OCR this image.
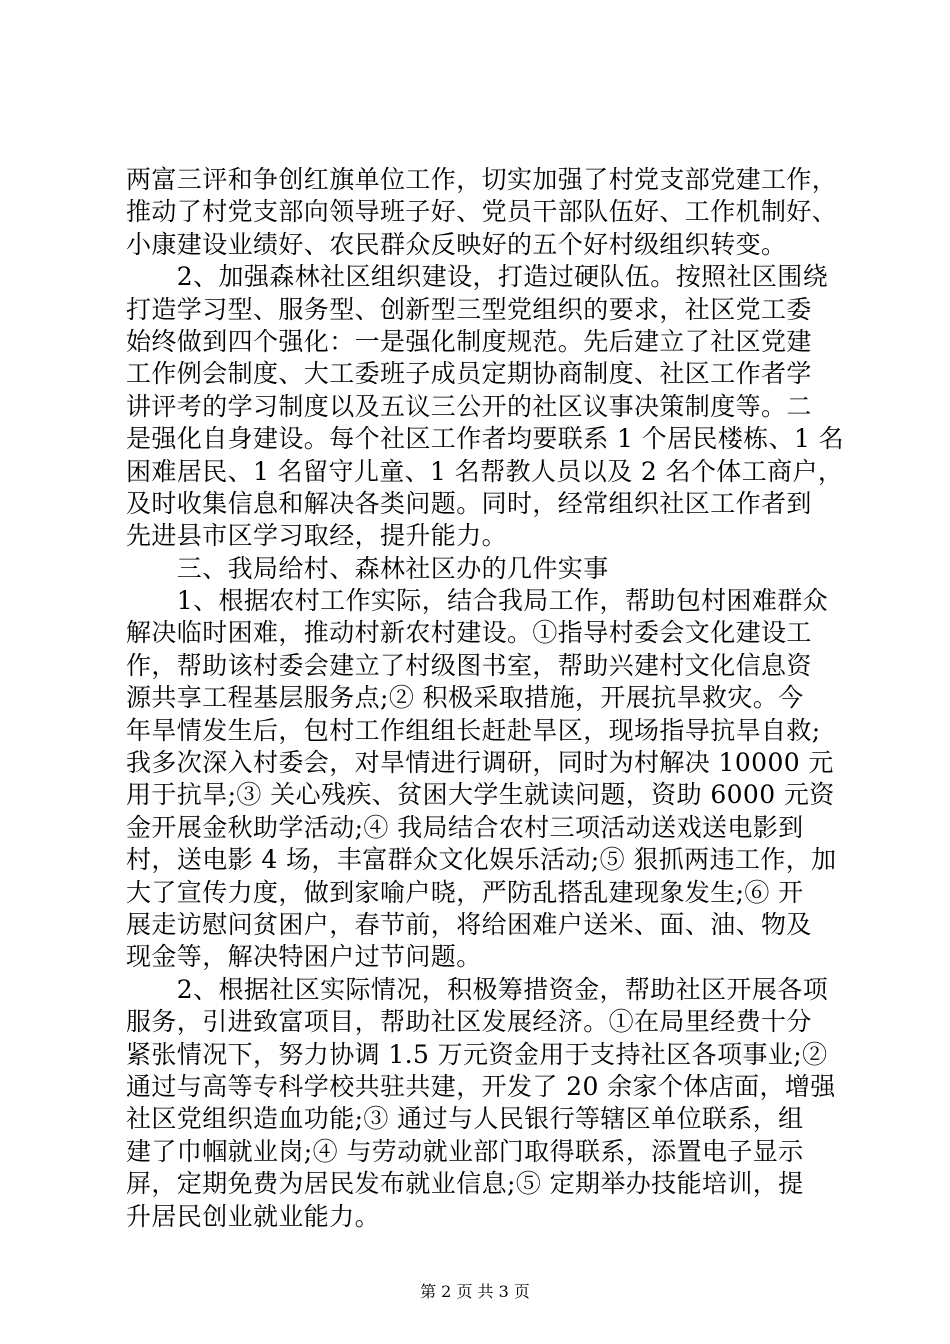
两富三评和争创红旗单位工作，切实加强了村党支部党建工作，
推动了村党支部向领导班子好、党员干部队伍好、工作机制好、
小康建设业绩好、农民群众反映好的五个好村级组织转变。
　　2、加强森林社区组织建设，打造过硬队伍。按照社区围绕
打造学习型、服务型、创新型三型党组织的要求，社区党工委
始终做到四个强化：一是强化制度规范。先后建立了社区党建
工作例会制度、大工委班子成员定期协商制度、社区工作者学
讲评考的学习制度以及五议三公开的社区议事决策制度等。二
是强化自身建设。每个社区工作者均要联系 1 个居民楼栋、1 名
困难居民、1 名留守儿童、1 名帮教人员以及 2 名个体工商户，
及时收集信息和解决各类问题。同时，经常组织社区工作者到
先进县市区学习取经，提升能力。
　　三、我局给村、森林社区办的几件实事
　　1、根据农村工作实际，结合我局工作，帮助包村困难群众
解决临时困难，推动村新农村建设。①指导村委会文化建设工
作，帮助该村委会建立了村级图书室，帮助兴建村文化信息资
源共享工程基层服务点;② 积极采取措施，开展抗旱救灾。今
年旱情发生后，包村工作组组长赶赴旱区，现场指导抗旱自救;
我多次深入村委会，对旱情进行调研，同时为村解决 10000 元
用于抗旱;③ 关心残疾、贫困大学生就读问题，资助 6000 元资
金开展金秋助学活动;④ 我局结合农村三项活动送戏送电影到
村，送电影 4 场，丰富群众文化娱乐活动;⑤ 狠抓两违工作，加
大了宣传力度，做到家喻户晓，严防乱搭乱建现象发生;⑥ 开
展走访慰问贫困户，春节前，将给困难户送米、面、油、物及
现金等，解决特困户过节问题。
　　2、根据社区实际情况，积极筹措资金，帮助社区开展各项
服务，引进致富项目，帮助社区发展经济。①在局里经费十分
紧张情况下，努力协调 1.5 万元资金用于支持社区各项事业;②
通过与高等专科学校共驻共建，开发了 20 余家个体店面，增强
社区党组织造血功能;③ 通过与人民银行等辖区单位联系，组
建了巾帼就业岗;④ 与劳动就业部门取得联系，添置电子显示
屏，定期免费为居民发布就业信息;⑤ 定期举办技能培训，提
升居民创业就业能力。
第 2 页 共 3 页
